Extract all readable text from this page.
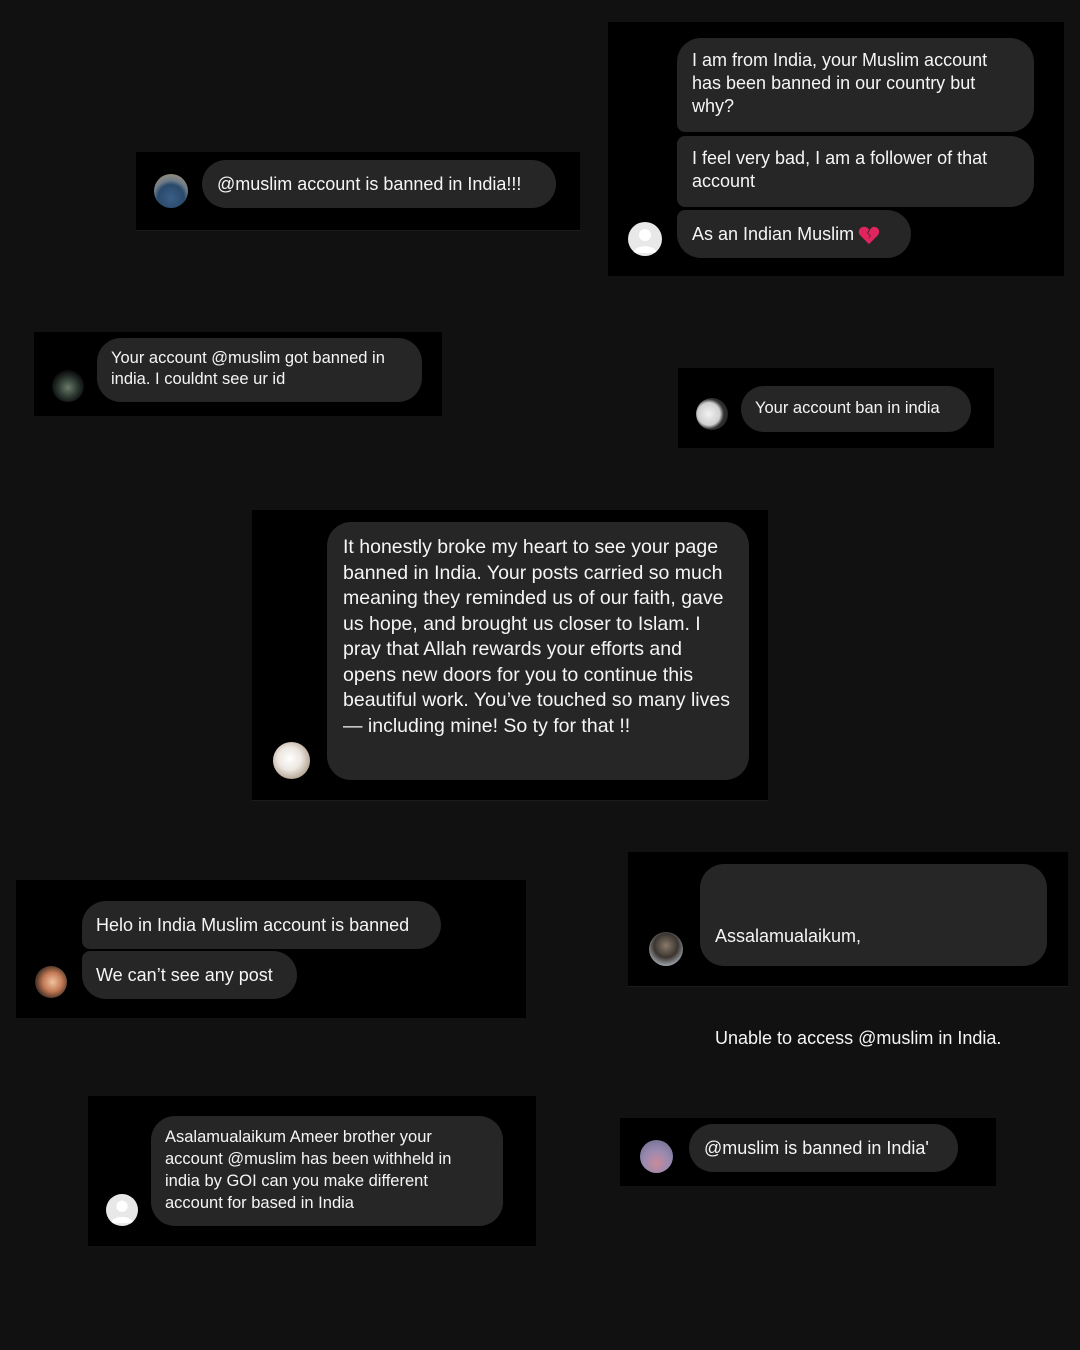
@muslim account is banned in India!!!
I am from India, your Muslim account has been banned in our country but why?
I feel very bad, I am a follower of that account
As an Indian Muslim
Your account @muslim got banned in india. I couldnt see ur id
Your account ban in india
It honestly broke my heart to see your page banned in India. Your posts carried so much meaning they reminded us of our faith, gave us hope, and brought us closer to Islam. I pray that Allah rewards your efforts and opens new doors for you to continue this beautiful work. You’ve touched so many lives — including mine! So ty for that !!
Helo in India Muslim account is banned
We can’t see any post

Assalamualaikum,

Unable to access @muslim in India.

Asalamualaikum Ameer brother your account @muslim has been withheld in india by GOI can you make different account for based in India
@muslim is banned in India'
